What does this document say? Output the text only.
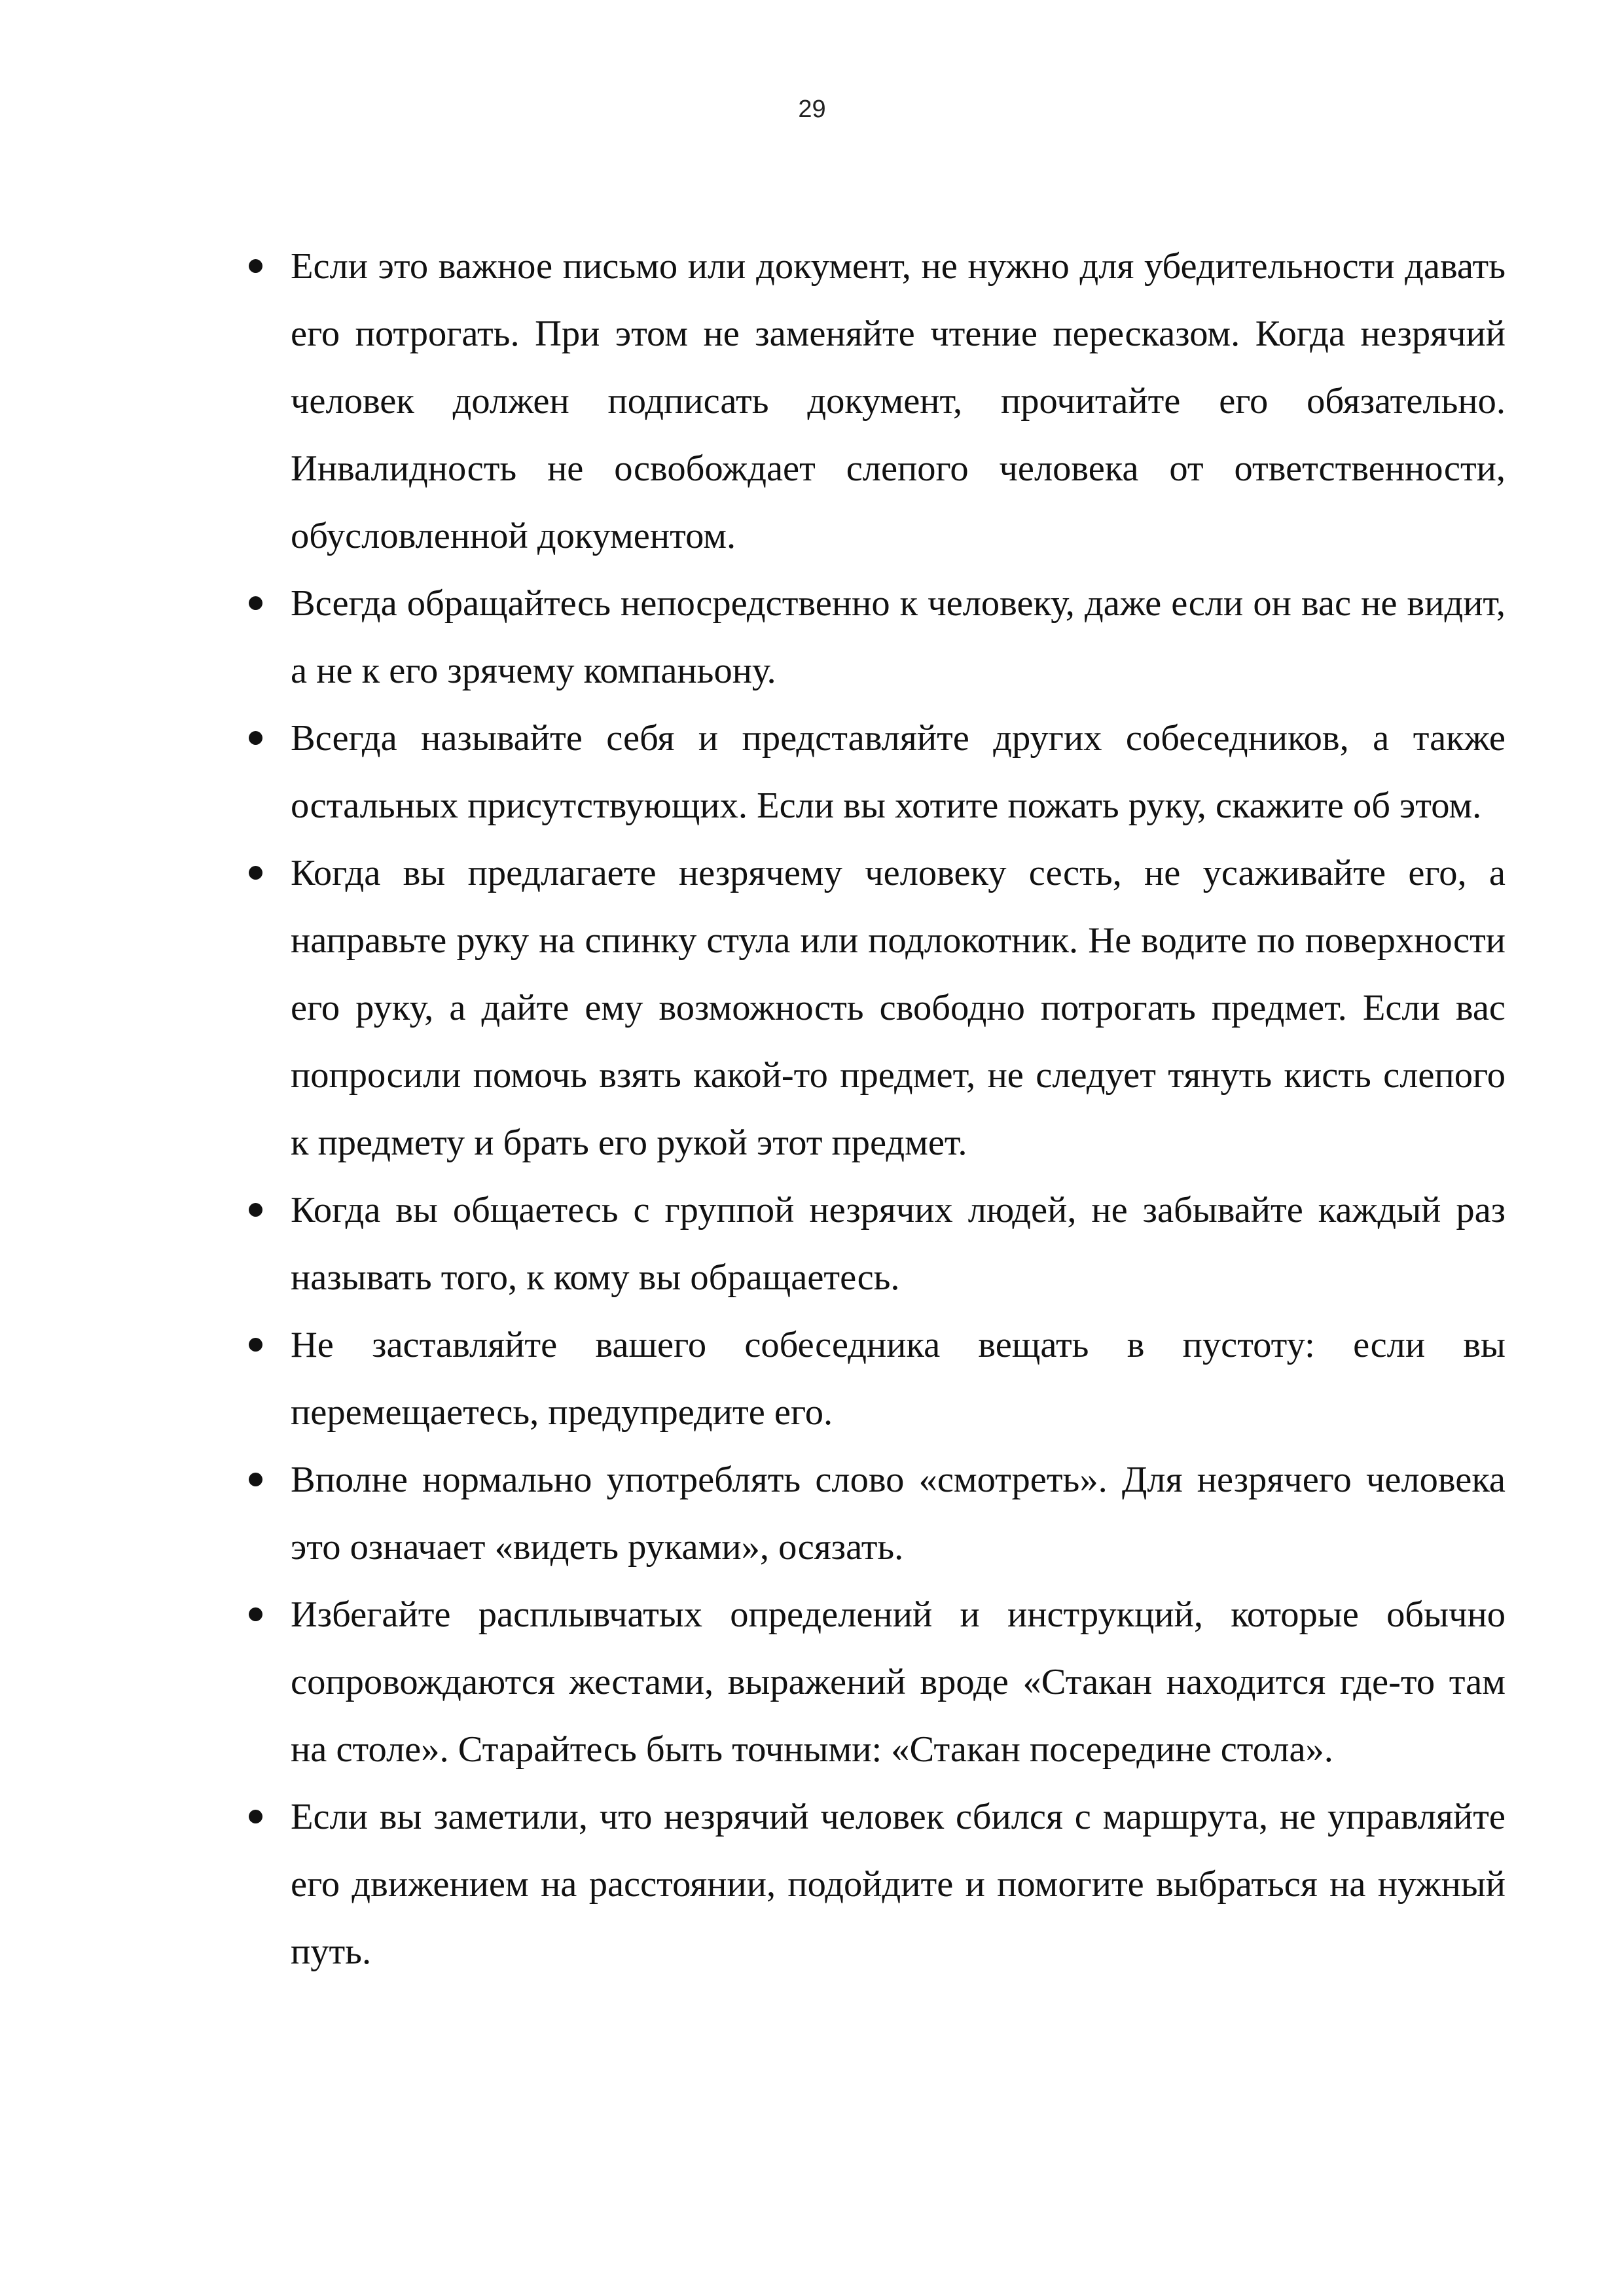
29
Если это важное письмо или документ, не нужно для убедительности давать его потрогать. При этом не заменяйте чтение пересказом. Когда незрячий человек должен подписать документ, прочитайте его обязательно. Инвалидность не освобождает слепого человека от ответственности, обусловленной документом.
Всегда обращайтесь непосредственно к человеку, даже если он вас не видит, а не к его зрячему компаньону.
Всегда называйте себя и представляйте других собеседников, а также остальных присутствующих. Если вы хотите пожать руку, скажите об этом.
Когда вы предлагаете незрячему человеку сесть, не усаживайте его, а направьте руку на спинку стула или подлокотник. Не водите по поверхности его руку, а дайте ему возможность свободно потрогать предмет. Если вас попросили помочь взять какой-то предмет, не следует тянуть кисть слепого к предмету и брать его рукой этот предмет.
Когда вы общаетесь с группой незрячих людей, не забывайте каждый раз называть того, к кому вы обращаетесь.
Не заставляйте вашего собеседника вещать в пустоту: если вы перемещаетесь, предупредите его.
Вполне нормально употреблять слово «смотреть». Для незрячего человека это означает «видеть руками», осязать.
Избегайте расплывчатых определений и инструкций, которые обычно сопровождаются жестами, выражений вроде «Стакан находится где-то там на столе». Старайтесь быть точными: «Стакан посередине стола».
Если вы заметили, что незрячий человек сбился с маршрута, не управляйте его движением на расстоянии, подойдите и помогите выбраться на нужный путь.
